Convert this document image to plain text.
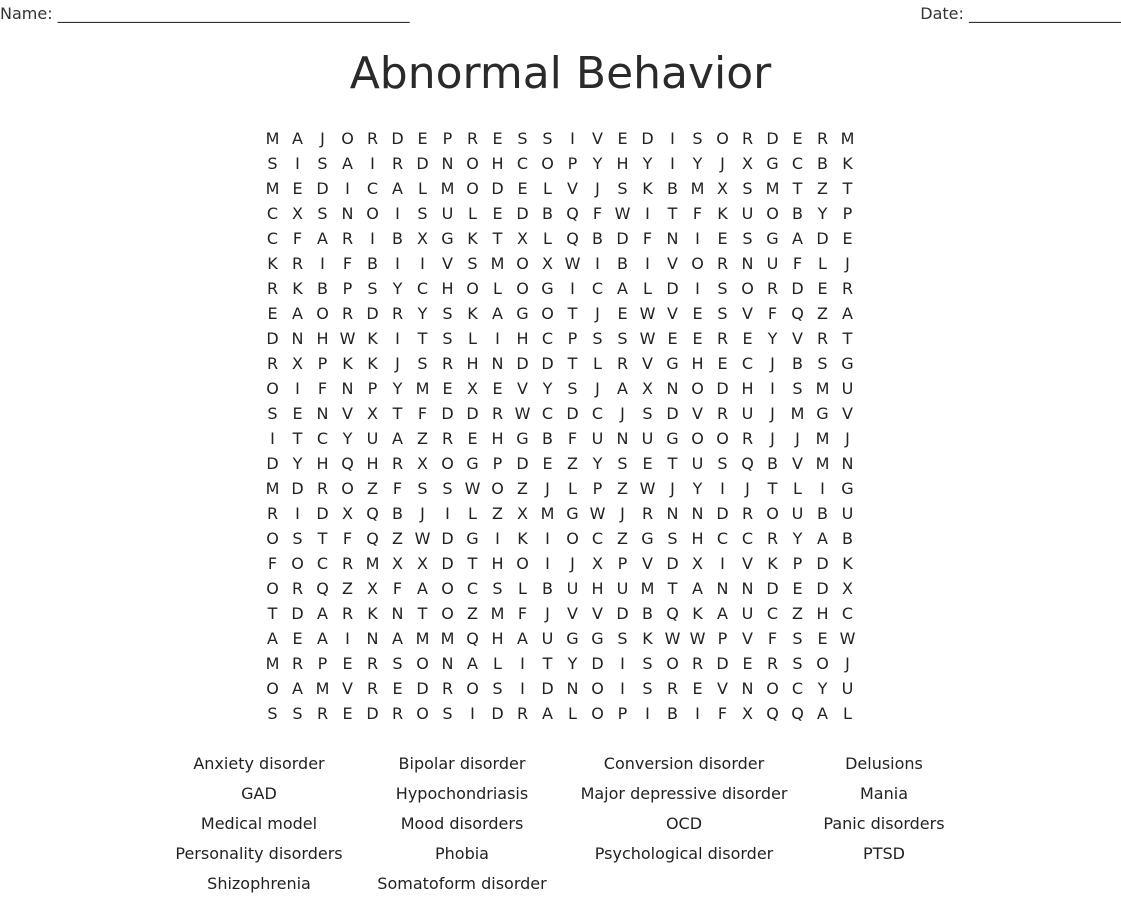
Name: ____________________________________________	Date: ___________________
Abnormal Behavior
M A	J	O R D E P R E S S	I	V E D	I	S O R D E R M
S	I	S A	I	R D N O H C O P Y H Y	I	Y	J	X G C B K
M E D	I	C A L M O D E L V	J	S K B M X S M T Z T
C X S N O	I	S U L E D B Q F W I	T F K U O B Y P
C F A R	I	B X G K T X L Q B D F N	I	E S G A D E
K R	I	F B	I	I	V S M O X W I	B	I	V O R N U F L	J
R K B P S Y C H O L O G	I	C A L D	I	S O R D E R
E A O R D R Y S K A G O T	J	E W V E S V F Q Z A
D N H W K	I	T S L	I	H C P S S W E E R E Y V R T
R X P K K	J	S R H N D D T L R V G H E C	J	B S G
O	I	F N P Y M E X E V Y S	J	A X N O D H	I	S M U
S E N V X T F D D R W C D C	J	S D V R U	J M G V
I	T C Y U A Z R E H G B F U N U G O O R	J	J M J
D Y H Q H R X O G P D E Z Y S E T U S Q B V M N
M D R O Z F S S W O Z	J	L P Z W J	Y	I	J	T L	I	G
R	I	D X Q B	J	I	L Z X M G W J	R N N D R O U B U
O S T F Q Z W D G	I	K	I	O C Z G S H C C R Y A B
F O C R M X X D T H O	I	J	X P V D X	I	V K P D K
O R Q Z X F A O C S L B U H U M T A N N D E D X
T D A R K N T O Z M F	J	V V D B Q K A U C Z H C
A E A	I	N A M M Q H A U G G S K W W P V F S E W
M R P E R S O N A L	I	T Y D	I	S O R D E R S O	J
O A M V R E D R O S	I	D N O	I	S R E V N O C Y U
S S R E D R O S	I	D R A L O P	I	B	I	F X Q Q A L
Anxiety disorder	Bipolar disorder	Conversion disorder	Delusions
GAD	Hypochondriasis	Major depressive disorder	Mania
Medical model	Mood disorders	OCD	Panic disorders
Personality disorders	Phobia	Psychological disorder	PTSD
Shizophrenia	Somatoform disorder
